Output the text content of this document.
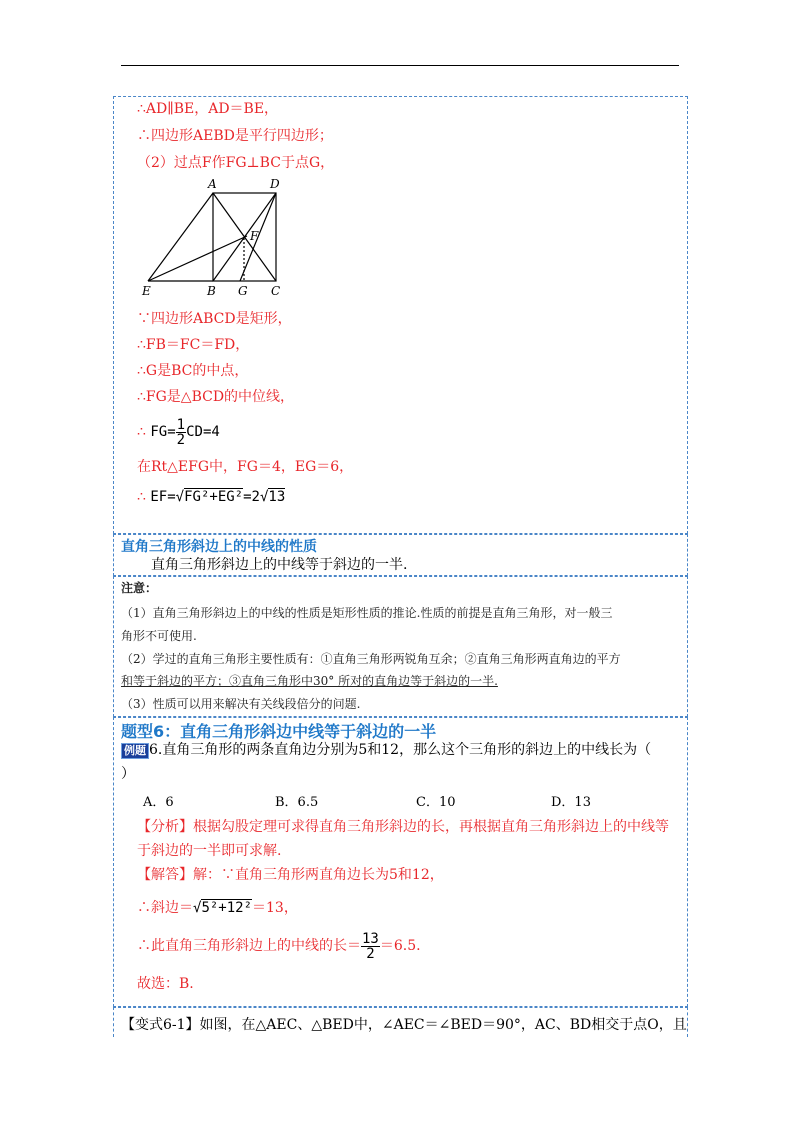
∴AD∥BE，AD＝BE，
∴四边形AEBD是平行四边形；
（2）过点F作FG⊥BC于点G，
A	D
F
E	B G C
∵四边形ABCD是矩形，
∴FB＝FC＝FD，
∴G是BC的中点，
∴FG是△BCD的中位线，
∴ $FG= \frac{1}{2} CD=4$
在Rt△EFG中，FG＝4，EG＝6，
∴ EF=√FG²+EG²=2√13
直角三角形斜边上的中线的性质
直角三角形斜边上的中线等于斜边的一半.
注意：
（1）直角三角形斜边上的中线的性质是矩形性质的推论.性质的前提是直角三角形，对一般三
角形不可使用.
（2）学过的直角三角形主要性质有：①直角三角形两锐角互余；②直角三角形两直角边的平方
和等于斜边的平方；③直角三角形中30° 所对的直角边等于斜边的一半.
（3）性质可以用来解决有关线段倍分的问题.
题型6：直角三角形斜边中线等于斜边的一半
例题 6.直角三角形的两条直角边分别为5和12，那么这个三角形的斜边上的中线长为（
）
A．6	B．6.5	C．10	D．13
【分析】根据勾股定理可求得直角三角形斜边的长，再根据直角三角形斜边上的中线等
于斜边的一半即可求解.
【解答】解：∵直角三角形两直角边长为5和12，
∴斜边＝√5²+12²＝13，
∴此直角三角形斜边上的中线的长＝ $\frac{13}{2} =6.5$.
故选：B.
【变式6-1】如图，在△AEC、△BED中，∠AEC＝∠BED＝90°，AC、BD相交于点O，且
